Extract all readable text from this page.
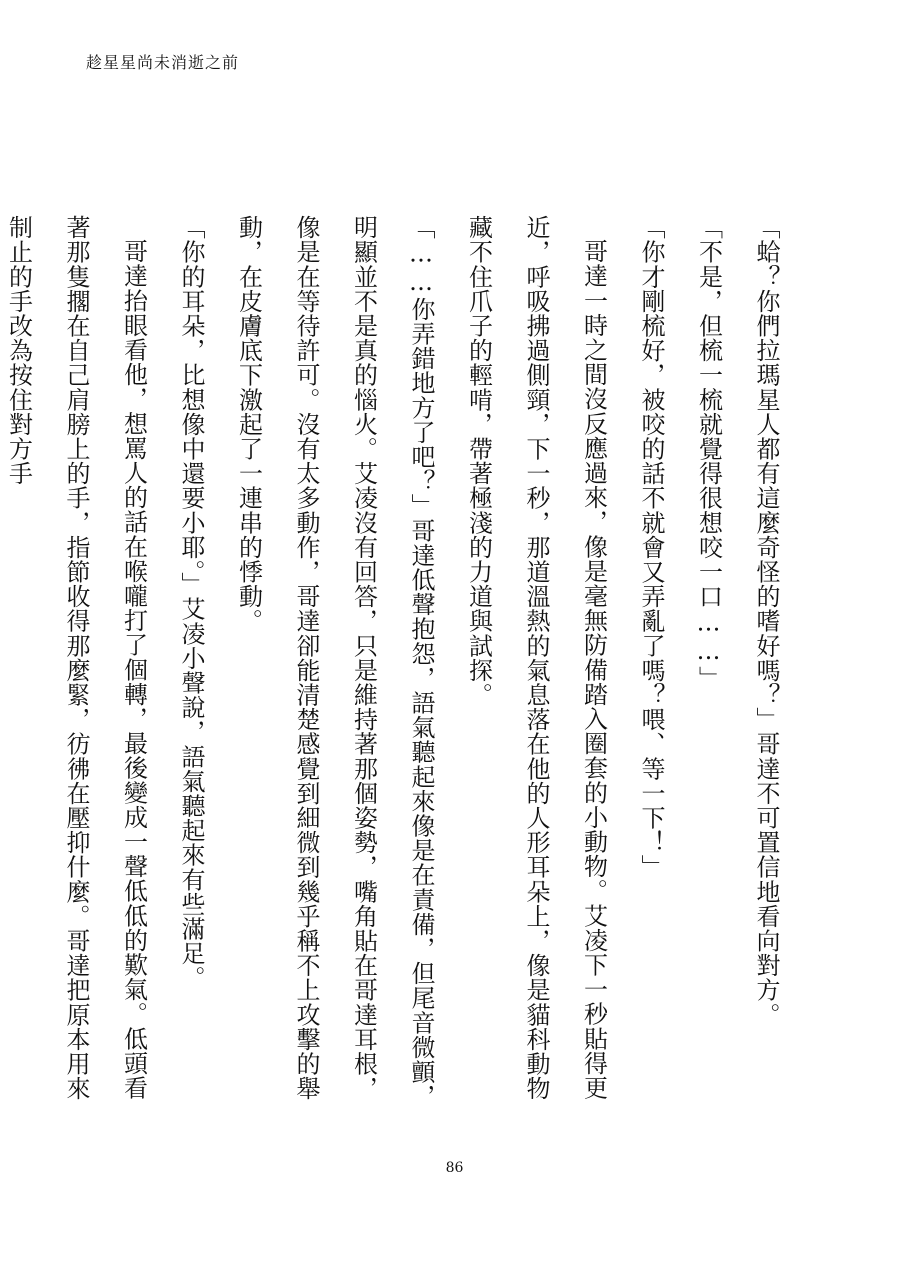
趁星星尚未消逝之前

「蛤？你們拉瑪星人都有這麼奇怪的嗜好嗎？」哥達不可置信地看向對方。

「不是，但梳一梳就覺得很想咬一口……」

「你才剛梳好，被咬的話不就會又弄亂了嗎？喂、等一下！」

哥達一時之間沒反應過來，像是毫無防備踏入圈套的小動物。艾凌下一秒貼得更近，呼吸拂過側頸，下一秒，那道溫熱的氣息落在他的人形耳朵上，像是貓科動物藏不住爪子的輕啃，帶著極淺的力道與試探。

「……你弄錯地方了吧？」哥達低聲抱怨，語氣聽起來像是在責備，但尾音微顫，明顯並不是真的惱火。艾凌沒有回答，只是維持著那個姿勢，嘴角貼在哥達耳根，像是在等待許可。沒有太多動作，哥達卻能清楚感覺到細微到幾乎稱不上攻擊的舉動，在皮膚底下激起了一連串的悸動。

「你的耳朵，比想像中還要小耶。」艾凌小聲說，語氣聽起來有些滿足。

哥達抬眼看他，想罵人的話在喉嚨打了個轉，最後變成一聲低低的歎氣。低頭看著那隻擱在自己肩膀上的手，指節收得那麼緊，彷彿在壓抑什麼。哥達把原本用來制止的手改為按住對方手

86
